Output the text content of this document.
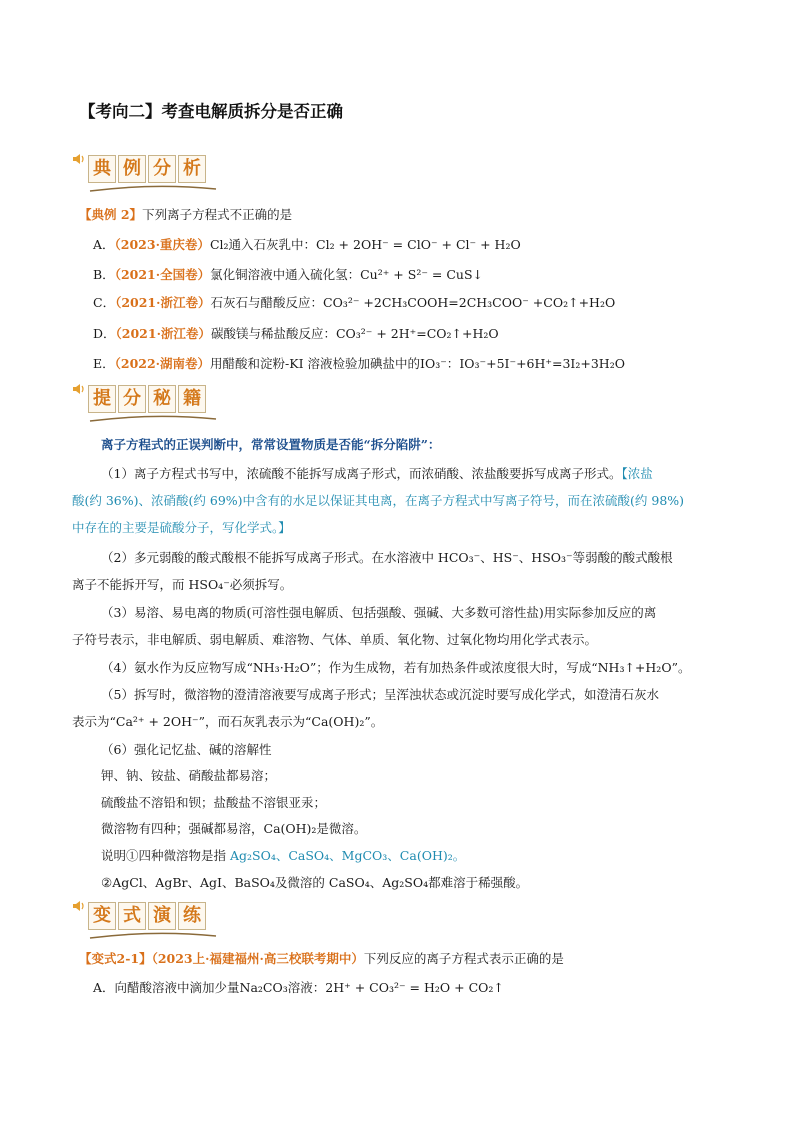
【考向二】考查电解质拆分是否正确
典 例 分 析
【典例 2】下列离子方程式不正确的是
A．（2023·重庆卷）Cl₂通入石灰乳中：Cl₂ + 2OH⁻ = ClO⁻ + Cl⁻ + H₂O
B．（2021·全国卷）氯化铜溶液中通入硫化氢：Cu²⁺ + S²⁻ = CuS↓
C．（2021·浙江卷）石灰石与醋酸反应：CO₃²⁻ +2CH₃COOH=2CH₃COO⁻ +CO₂↑+H₂O
D．（2021·浙江卷）碳酸镁与稀盐酸反应：CO₃²⁻ + 2H⁺=CO₂↑+H₂O
E．（2022·湖南卷）用醋酸和淀粉-KI 溶液检验加碘盐中的IO₃⁻：IO₃⁻+5I⁻+6H⁺=3I₂+3H₂O
提 分 秘 籍
离子方程式的正误判断中，常常设置物质是否能“拆分陷阱”：
（1）离子方程式书写中，浓硫酸不能拆写成离子形式，而浓硝酸、浓盐酸要拆写成离子形式。【浓盐
酸(约 36%)、浓硝酸(约 69%)中含有的水足以保证其电离，在离子方程式中写离子符号，而在浓硫酸(约 98%)
中存在的主要是硫酸分子，写化学式。】
（2）多元弱酸的酸式酸根不能拆写成离子形式。在水溶液中 HCO₃⁻、HS⁻、HSO₃⁻等弱酸的酸式酸根
离子不能拆开写，而 HSO₄⁻必须拆写。
（3）易溶、易电离的物质(可溶性强电解质、包括强酸、强碱、大多数可溶性盐)用实际参加反应的离
子符号表示，非电解质、弱电解质、难溶物、气体、单质、氧化物、过氧化物均用化学式表示。
（4）氨水作为反应物写成“NH₃·H₂O”；作为生成物，若有加热条件或浓度很大时，写成“NH₃↑+H₂O”。
（5）拆写时，微溶物的澄清溶液要写成离子形式；呈浑浊状态或沉淀时要写成化学式，如澄清石灰水
表示为“Ca²⁺ + 2OH⁻”，而石灰乳表示为“Ca(OH)₂”。
（6）强化记忆盐、碱的溶解性
钾、钠、铵盐、硝酸盐都易溶；
硫酸盐不溶铅和钡；盐酸盐不溶银亚汞；
微溶物有四种；强碱都易溶，Ca(OH)₂是微溶。
说明①四种微溶物是指 Ag₂SO₄、CaSO₄、MgCO₃、Ca(OH)₂。
②AgCl、AgBr、AgI、BaSO₄及微溶的 CaSO₄、Ag₂SO₄都难溶于稀强酸。
变 式 演 练
【变式2-1】（2023上·福建福州·高三校联考期中）下列反应的离子方程式表示正确的是
A．向醋酸溶液中滴加少量Na₂CO₃溶液：2H⁺ + CO₃²⁻ = H₂O + CO₂↑
